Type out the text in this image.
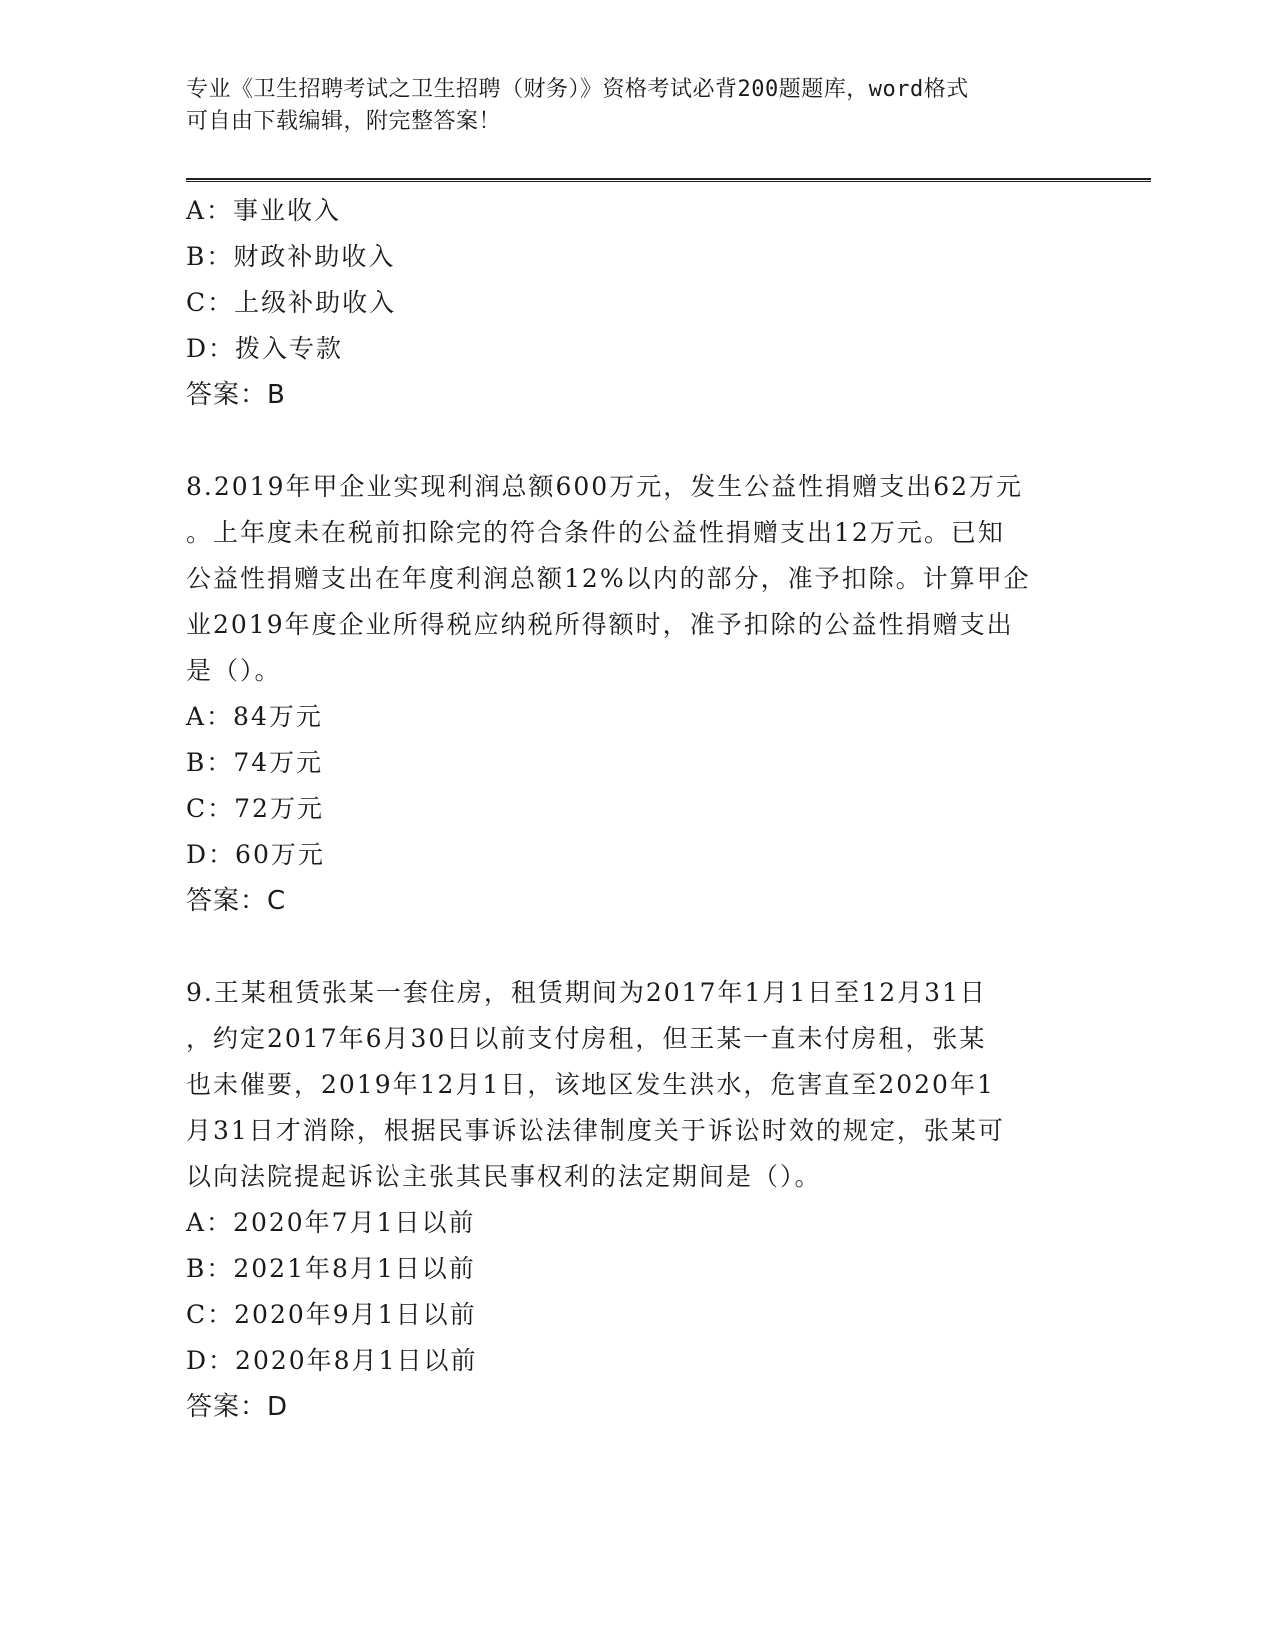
专业《卫生招聘考试之卫生招聘（财务）》资格考试必背200题题库，word格式
可自由下载编辑，附完整答案！
A：事业收入
B：财政补助收入
C：上级补助收入
D：拨入专款
答案：B
8.2019年甲企业实现利润总额600万元，发生公益性捐赠支出62万元
。上年度未在税前扣除完的符合条件的公益性捐赠支出12万元。已知
公益性捐赠支出在年度利润总额12%以内的部分，准予扣除。计算甲企
业2019年度企业所得税应纳税所得额时，准予扣除的公益性捐赠支出
是（）。
A：84万元
B：74万元
C：72万元
D：60万元
答案：C
9.王某租赁张某一套住房，租赁期间为2017年1月1日至12月31日
，约定2017年6月30日以前支付房租，但王某一直未付房租，张某
也未催要，2019年12月1日，该地区发生洪水，危害直至2020年1
月31日才消除，根据民事诉讼法律制度关于诉讼时效的规定，张某可
以向法院提起诉讼主张其民事权利的法定期间是（）。
A：2020年7月1日以前
B：2021年8月1日以前
C：2020年9月1日以前
D：2020年8月1日以前
答案：D
